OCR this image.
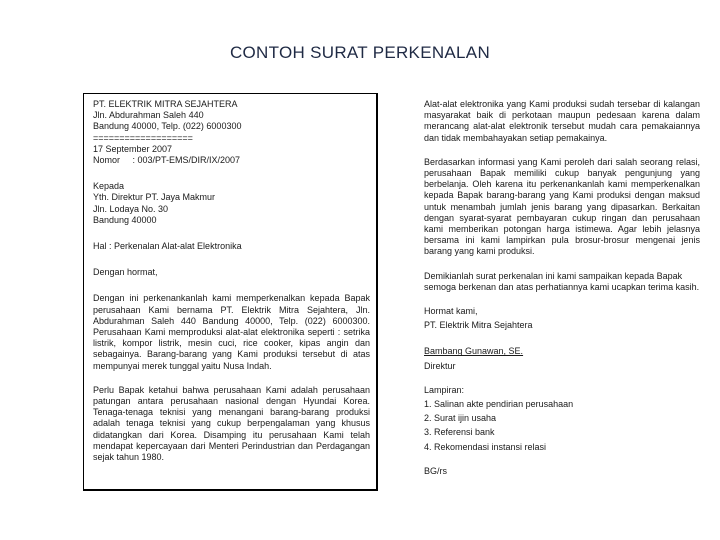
CONTOH SURAT PERKENALAN

PT. ELEKTRIK MITRA SEJAHTERA

Jln. Abdurahman Saleh 440

Bandung 40000, Telp. (022) 6000300

===================

17 September 2007

Nomor     : 003/PT-EMS/DIR/IX/2007

Kepada

Yth. Direktur PT. Jaya Makmur

Jln. Lodaya No. 30

Bandung 40000

Hal : Perkenalan Alat-alat Elektronika

Dengan hormat,

Dengan ini perkenankanlah kami memperkenalkan kepada Bapak perusahaan Kami bernama PT. Elektrik Mitra Sejahtera, Jln. Abdurahman Saleh 440 Bandung 40000, Telp. (022) 6000300. Perusahaan Kami memproduksi alat-alat elektronika seperti : setrika listrik, kompor listrik, mesin cuci, rice cooker, kipas angin dan sebagainya. Barang-barang yang Kami produksi tersebut di atas mempunyai merek tunggal yaitu Nusa Indah.

Perlu Bapak ketahui bahwa perusahaan Kami adalah perusahaan patungan antara perusahaan nasional dengan Hyundai Korea. Tenaga-tenaga teknisi yang menangani barang-barang produksi adalah tenaga teknisi yang cukup berpengalaman yang khusus didatangkan dari Korea. Disamping itu perusahaan Kami telah mendapat kepercayaan dari Menteri Perindustrian dan Perdagangan sejak tahun 1980.

Alat-alat elektronika yang Kami produksi sudah tersebar di kalangan masyarakat baik di perkotaan maupun pedesaan karena dalam merancang alat-alat elektronik tersebut mudah cara pemakaiannya dan tidak membahayakan setiap pemakainya.

Berdasarkan informasi yang Kami peroleh dari salah seorang relasi, perusahaan Bapak memiliki cukup banyak pengunjung yang berbelanja. Oleh karena itu perkenankanlah kami memperkenalkan kepada Bapak barang-barang yang Kami produksi dengan maksud untuk menambah jumlah jenis barang yang dipasarkan. Berkaitan dengan syarat-syarat pembayaran cukup ringan dan perusahaan kami memberikan potongan harga istimewa. Agar lebih jelasnya bersama ini kami lampirkan pula brosur-brosur mengenai jenis barang yang kami produksi.

Demikianlah surat perkenalan ini kami sampaikan kepada Bapak semoga berkenan dan atas perhatiannya kami ucapkan terima kasih.

Hormat kami,

PT. Elektrik Mitra Sejahtera

Bambang Gunawan, SE.

Direktur

Lampiran:

1. Salinan akte pendirian perusahaan

2. Surat ijin usaha

3. Referensi bank

4. Rekomendasi instansi relasi

BG/rs
